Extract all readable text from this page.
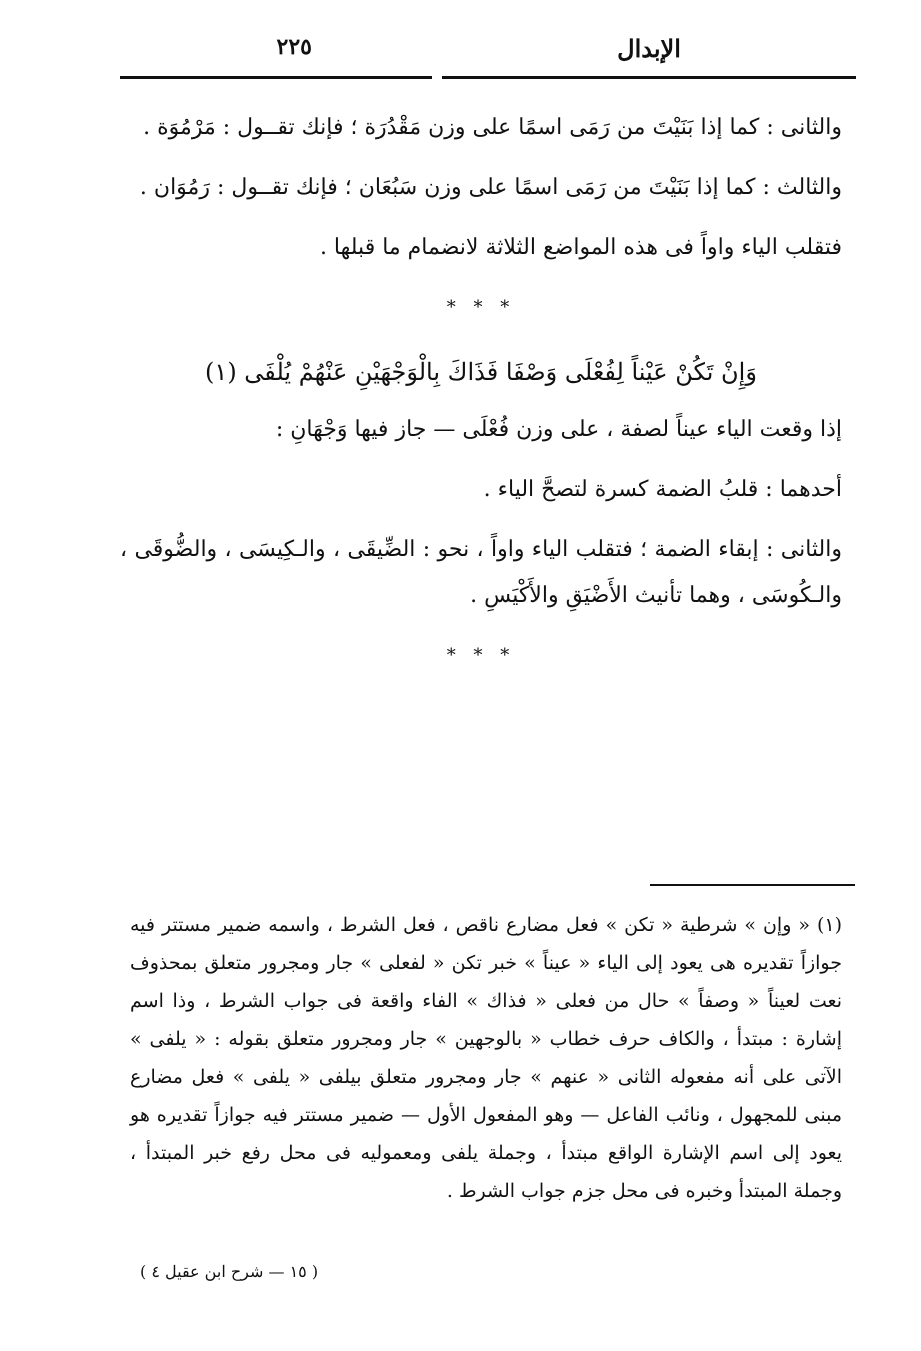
٢٢٥	الإبدال

والثانى : كما إذا بَنَيْتَ من رَمَى اسمًا على وزن مَقْدُرَة ؛ فإنك تقــول : مَرْمُوَة .

والثالث : كما إذا بَنَيْتَ من رَمَى اسمًا على وزن سَبُعَان ؛ فإنك تقــول : رَمُوَان .

فتقلب الياء واواً فى هذه المواضع الثلاثة لانضمام ما قبلها .

* * *
وَإِنْ تَكُنْ عَيْناً لِفُعْلَى وَصْفَا فَذَاكَ بِالْوَجْهَيْنِ عَنْهُمْ يُلْفَى (١)

إذا وقعت الياء عيناً لصفة ، على وزن فُعْلَى — جاز فيها وَجْهَانِ :

أحدهما : قلبُ الضمة كسرة لتصحَّ الياء .

والثانى : إبقاء الضمة ؛ فتقلب الياء واواً ، نحو : الضِّيقَى ، والـكِيسَى ، والضُّوقَى ، والـكُوسَى ، وهما تأنيث الأَضْيَقِ والأَكْيَسِ .

* * *
(١) « وإن » شرطية « تكن » فعل مضارع ناقص ، فعل الشرط ، واسمه ضمير مستتر فيه جوازاً تقديره هى يعود إلى الياء « عيناً » خبر تكن « لفعلى » جار ومجرور متعلق بمحذوف نعت لعيناً « وصفاً » حال من فعلى « فذاك » الفاء واقعة فى جواب الشرط ، وذا اسم إشارة : مبتدأ ، والكاف حرف خطاب « بالوجهين » جار ومجرور متعلق بقوله : « يلفى » الآتى على أنه مفعوله الثانى « عنهم » جار ومجرور متعلق بيلفى « يلفى » فعل مضارع مبنى للمجهول ، ونائب الفاعل — وهو المفعول الأول — ضمير مستتر فيه جوازاً تقديره هو يعود إلى اسم الإشارة الواقع مبتدأ ، وجملة يلفى ومعموليه فى محل رفع خبر المبتدأ ، وجملة المبتدأ وخبره فى محل جزم جواب الشرط .
( ١٥ — شرح ابن عقيل ٤ )
